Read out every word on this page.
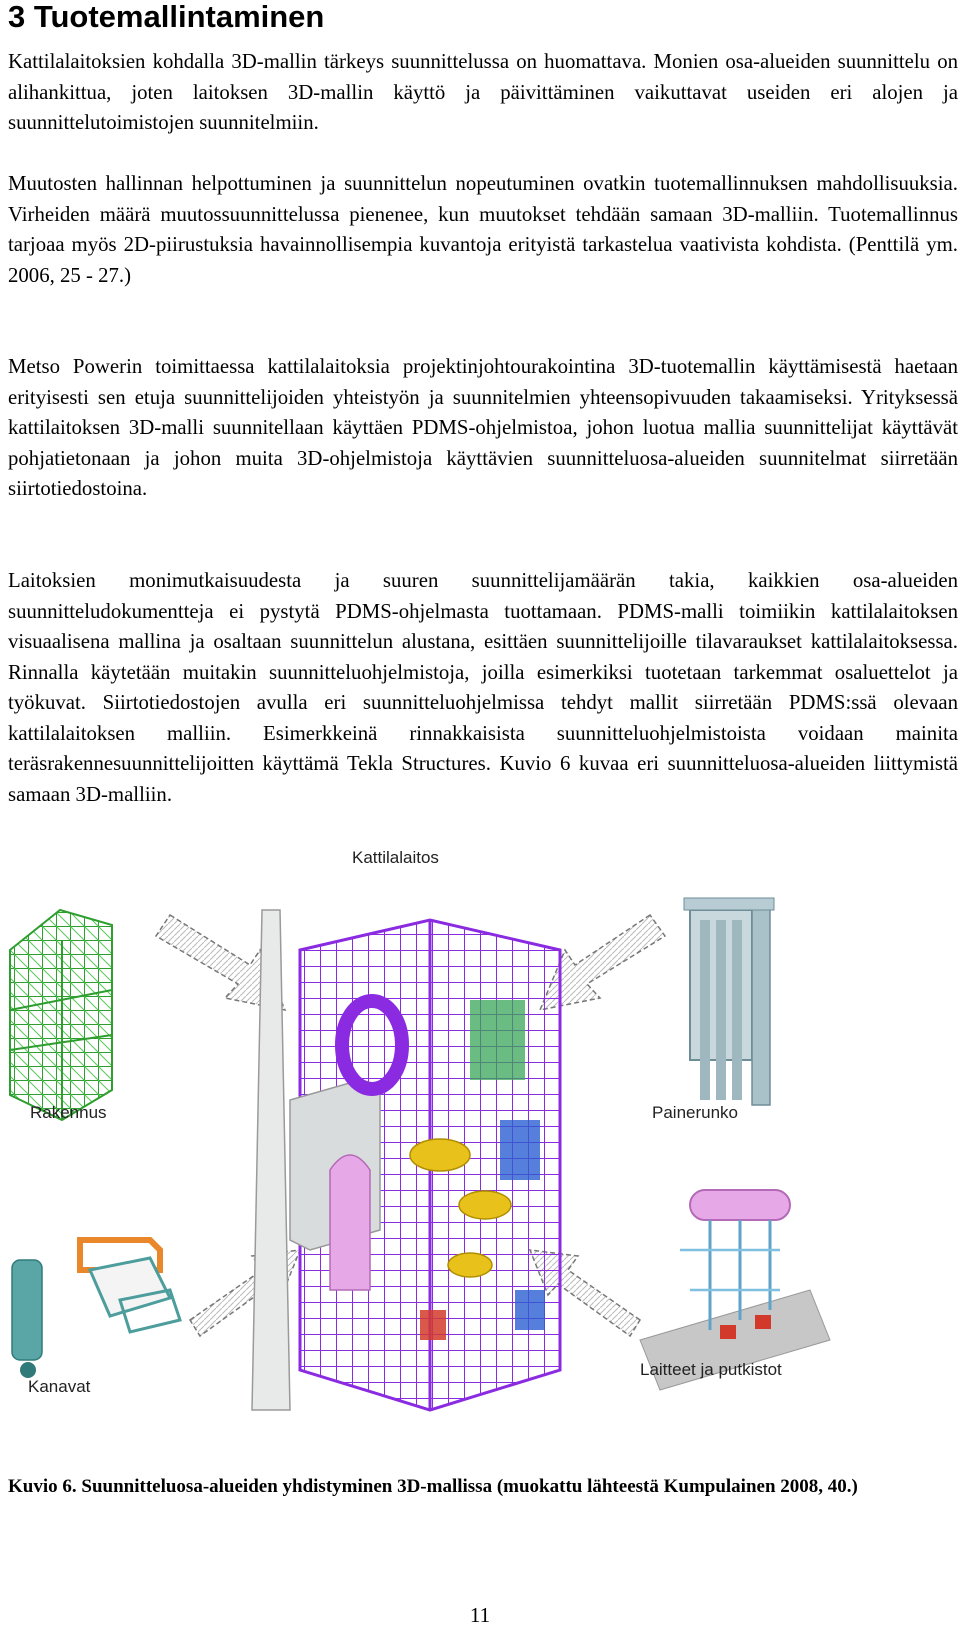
3 Tuotemallintaminen

Kattilalaitoksien kohdalla 3D-mallin tärkeys suunnittelussa on huomattava. Monien osa-alueiden suunnittelu on alihankittua, joten laitoksen 3D-mallin käyttö ja päivittäminen vaikuttavat useiden eri alojen ja suunnittelutoimistojen suunnitelmiin.

Muutosten hallinnan helpottuminen ja suunnittelun nopeutuminen ovatkin tuotemallinnuksen mahdollisuuksia. Virheiden määrä muutossuunnittelussa pienenee, kun muutokset tehdään samaan 3D-malliin. Tuotemallinnus tarjoaa myös 2D-piirustuksia havainnollisempia kuvantoja erityistä tarkastelua vaativista kohdista. (Penttilä ym. 2006, 25 - 27.)

Metso Powerin toimittaessa kattilalaitoksia projektinjohtourakointina 3D-tuotemallin käyttämisestä haetaan erityisesti sen etuja suunnittelijoiden yhteistyön ja suunnitelmien yhteensopivuuden takaamiseksi. Yrityksessä kattilaitoksen 3D-malli suunnitellaan käyttäen PDMS-ohjelmistoa, johon luotua mallia suunnittelijat käyttävät pohjatietonaan ja johon muita 3D-ohjelmistoja käyttävien suunnitteluosa-alueiden suunnitelmat siirretään siirtotiedostoina.

Laitoksien monimutkaisuudesta ja suuren suunnittelijamäärän takia, kaikkien osa-alueiden suunnitteludokumentteja ei pystytä PDMS-ohjelmasta tuottamaan. PDMS-malli toimiikin kattilalaitoksen visuaalisena mallina ja osaltaan suunnittelun alustana, esittäen suunnittelijoille tilavaraukset kattilalaitoksessa. Rinnalla käytetään muitakin suunnitteluohjelmistoja, joilla esimerkiksi tuotetaan tarkemmat osaluettelot ja työkuvat. Siirtotiedostojen avulla eri suunnitteluohjelmissa tehdyt mallit siirretään PDMS:ssä olevaan kattilalaitoksen malliin. Esimerkkeinä rinnakkaisista suunnitteluohjelmistoista voidaan mainita teräsrakennesuunnittelijoitten käyttämä Tekla Structures. Kuvio 6 kuvaa eri suunnitteluosa-alueiden liittymistä samaan 3D-malliin.

Kattilalaitos
Rakennus	Painerunko
Kanavat
Laitteet ja putkistot

Kuvio 6. Suunnitteluosa-alueiden yhdistyminen 3D-mallissa (muokattu lähteestä Kumpulainen 2008, 40.)

11
